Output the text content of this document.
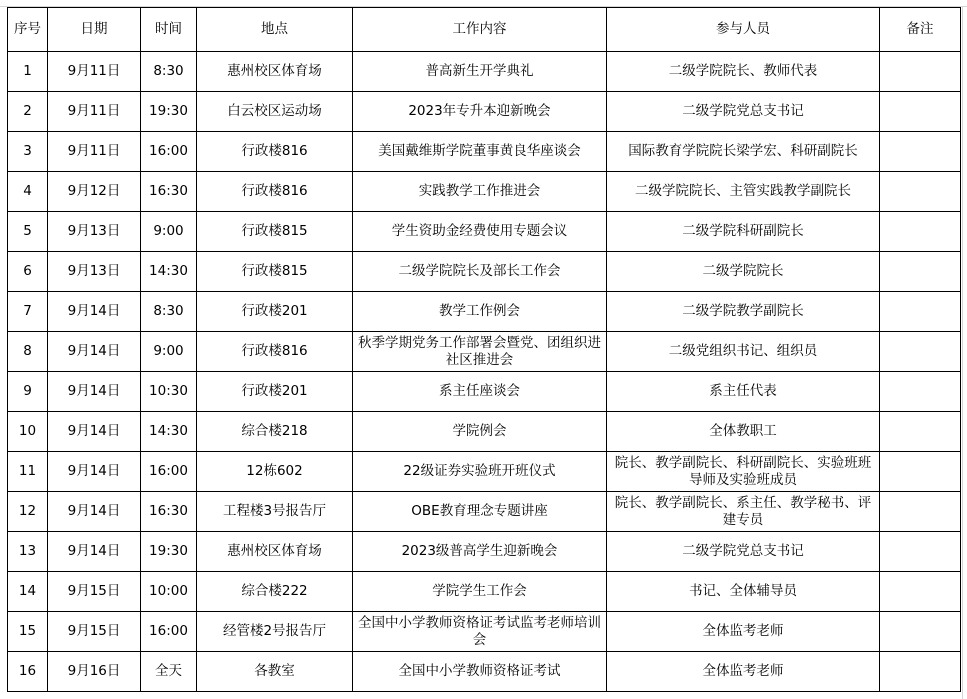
序号	日期	时间	地点	工作内容	参与人员	备注
1	9月11日	8:30	惠州校区体育场	普高新生开学典礼	二级学院院长、教师代表	
2	9月11日	19:30	白云校区运动场	2023年专升本迎新晚会	二级学院党总支书记	
3	9月11日	16:00	行政楼816	美国戴维斯学院董事黄良华座谈会	国际教育学院院长梁学宏、科研副院长	
4	9月12日	16:30	行政楼816	实践教学工作推进会	二级学院院长、主管实践教学副院长	
5	9月13日	9:00	行政楼815	学生资助金经费使用专题会议	二级学院科研副院长	
6	9月13日	14:30	行政楼815	二级学院院长及部长工作会	二级学院院长	
7	9月14日	8:30	行政楼201	教学工作例会	二级学院教学副院长	
8	9月14日	9:00	行政楼816	秋季学期党务工作部署会暨党、团组织进社区推进会	二级党组织书记、组织员	
9	9月14日	10:30	行政楼201	系主任座谈会	系主任代表	
10	9月14日	14:30	综合楼218	学院例会	全体教职工	
11	9月14日	16:00	12栋602	22级证券实验班开班仪式	院长、教学副院长、科研副院长、实验班班导师及实验班成员	
12	9月14日	16:30	工程楼3号报告厅	OBE教育理念专题讲座	院长、教学副院长、系主任、教学秘书、评建专员	
13	9月14日	19:30	惠州校区体育场	2023级普高学生迎新晚会	二级学院党总支书记	
14	9月15日	10:00	综合楼222	学院学生工作会	书记、全体辅导员	
15	9月15日	16:00	经管楼2号报告厅	全国中小学教师资格证考试监考老师培训会	全体监考老师	
16	9月16日	全天	各教室	全国中小学教师资格证考试	全体监考老师	
